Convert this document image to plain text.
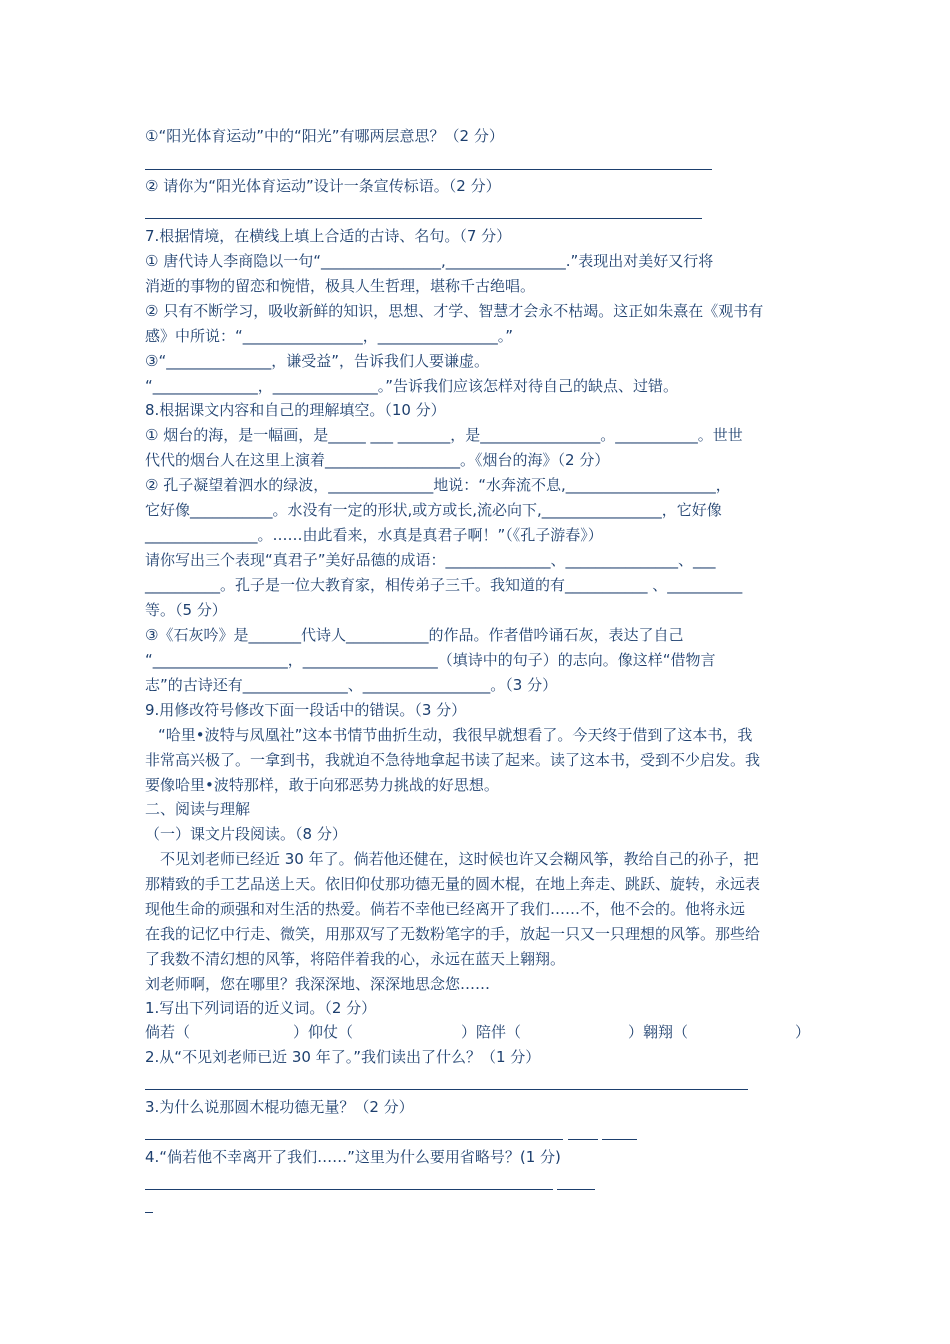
①“阳光体育运动”中的“阳光”有哪两层意思？（2 分）
② 请你为“阳光体育运动”设计一条宣传标语。（2 分）
7.根据情境，在横线上填上合适的古诗、名句。（7 分）
① 唐代诗人李商隐以一句“________________,________________.”表现出对美好又行将
消逝的事物的留恋和惋惜，极具人生哲理，堪称千古绝唱。
② 只有不断学习，吸收新鲜的知识，思想、才学、智慧才会永不枯竭。这正如朱熹在《观书有
感》中所说：“________________，________________。”
③“______________，谦受益”，告诉我们人要谦虚。
“______________，______________。”告诉我们应该怎样对待自己的缺点、过错。
8.根据课文内容和自己的理解填空。（10 分）
① 烟台的海，是一幅画，是_____ ___ _______，是________________。___________。世世
代代的烟台人在这里上演着__________________。《烟台的海》（2 分）
② 孔子凝望着泗水的绿波，______________地说：“水奔流不息,____________________，
它好像___________。水没有一定的形状,或方或长,流必向下,________________，它好像
_______________。……由此看来，水真是真君子啊！”（《孔子游春》）
请你写出三个表现“真君子”美好品德的成语：______________、_______________、___
__________。孔子是一位大教育家，相传弟子三千。我知道的有___________ 、__________
等。（5 分）
③《石灰吟》是_______代诗人___________的作品。作者借吟诵石灰，表达了自己
“__________________，__________________（填诗中的句子）的志向。像这样“借物言
志”的古诗还有______________、_________________。（3 分）
9.用修改符号修改下面一段话中的错误。（3 分）
“哈里•波特与凤凰社”这本书情节曲折生动，我很早就想看了。今天终于借到了这本书，我
非常高兴极了。一拿到书，我就迫不急待地拿起书读了起来。读了这本书，受到不少启发。我
要像哈里•波特那样，敢于向邪恶势力挑战的好思想。
二、阅读与理解
（一）课文片段阅读。（8 分）
不见刘老师已经近 30 年了。倘若他还健在，这时候也许又会糊风筝，教给自己的孙子，把
那精致的手工艺品送上天。依旧仰仗那功德无量的圆木棍，在地上奔走、跳跃、旋转，永远表
现他生命的顽强和对生活的热爱。倘若不幸他已经离开了我们……不，他不会的。他将永远
在我的记忆中行走、微笑，用那双写了无数粉笔字的手，放起一只又一只理想的风筝。那些给
了我数不清幻想的风筝，将陪伴着我的心，永远在蓝天上翱翔。
刘老师啊，您在哪里？我深深地、深深地思念您……
1.写出下列词语的近义词。（2 分）
倘若（	）仰仗（	）陪伴（	）翱翔（	）
2.从“不见刘老师已近 30 年了。”我们读出了什么？（1 分）
3.为什么说那圆木棍功德无量？（2 分）
4.“倘若他不幸离开了我们……”这里为什么要用省略号？(1 分)
